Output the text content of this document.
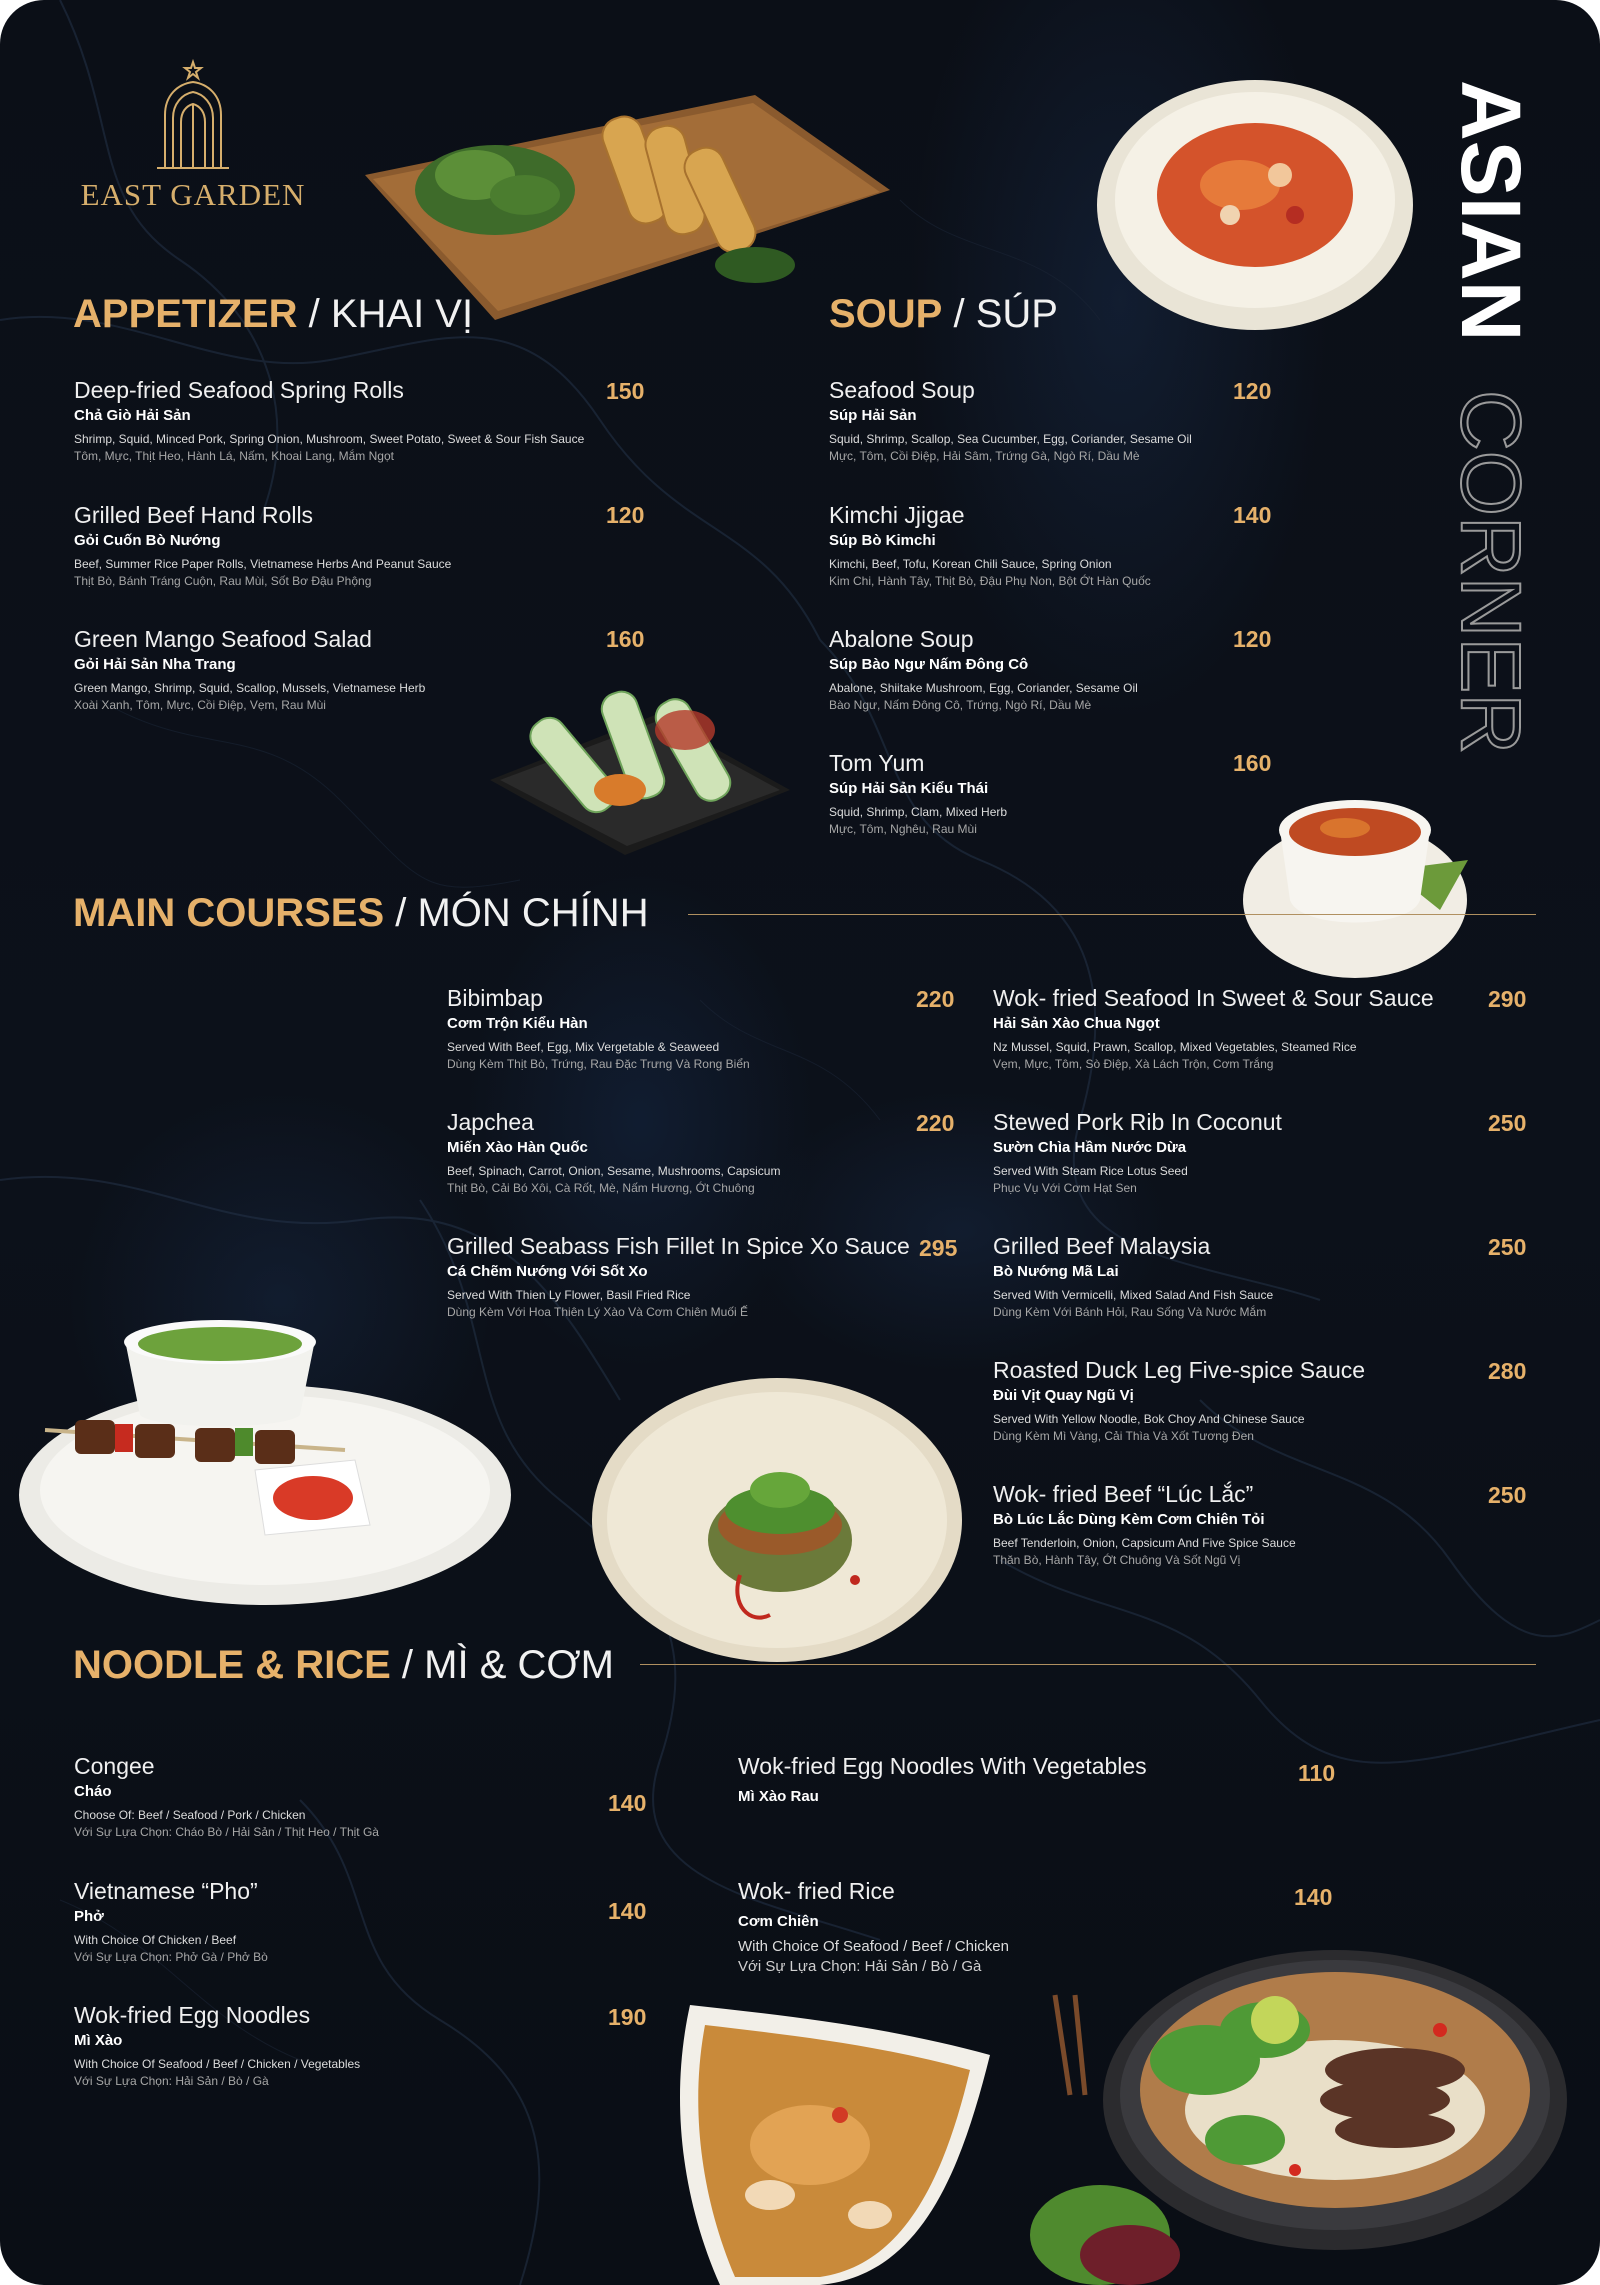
EAST GARDEN	ASIAN
CORNER
APPETIZER / KHAI VỊ
Deep-fried Seafood Spring Rolls
Chả Giò Hải Sản
Shrimp, Squid, Minced Pork, Spring Onion, Mushroom, Sweet Potato, Sweet & Sour Fish Sauce
Tôm, Mực, Thịt Heo, Hành Lá, Nấm, Khoai Lang, Mắm Ngọt
150
Grilled Beef Hand Rolls
Gỏi Cuốn Bò Nướng
Beef, Summer Rice Paper Rolls, Vietnamese Herbs And Peanut Sauce
Thịt Bò, Bánh Tráng Cuộn, Rau Mùi, Sốt Bơ Đậu Phộng
120
Green Mango Seafood Salad
Gỏi Hải Sản Nha Trang
Green Mango, Shrimp, Squid, Scallop, Mussels, Vietnamese Herb
Xoài Xanh, Tôm, Mực, Cồi Điệp, Vẹm, Rau Mùi
160
SOUP / SÚP
Seafood Soup
Súp Hải Sản
Squid, Shrimp, Scallop, Sea Cucumber, Egg, Coriander, Sesame Oil
Mực, Tôm, Cồi Điệp, Hải Sâm, Trứng Gà, Ngò Rí, Dầu Mè
120
Kimchi Jjigae
Súp Bò Kimchi
Kimchi, Beef, Tofu, Korean Chili Sauce, Spring Onion
Kim Chi, Hành Tây, Thịt Bò, Đậu Phụ Non, Bột Ớt Hàn Quốc
140
Abalone Soup
Súp Bào Ngư Nấm Đông Cô
Abalone, Shiitake Mushroom, Egg, Coriander, Sesame Oil
Bào Ngư, Nấm Đông Cô, Trứng, Ngò Rí, Dầu Mè
120
Tom Yum
Súp Hải Sản Kiểu Thái
Squid, Shrimp, Clam, Mixed Herb
Mực, Tôm, Nghêu, Rau Mùi
160
MAIN COURSES / MÓN CHÍNH
Bibimbap
Cơm Trộn Kiểu Hàn
Served With Beef, Egg, Mix Vergetable & Seaweed
Dùng Kèm Thịt Bò, Trứng, Rau Đặc Trưng Và Rong Biển
220
Japchea
Miến Xào Hàn Quốc
Beef, Spinach, Carrot, Onion, Sesame, Mushrooms, Capsicum
Thịt Bò, Cải Bó Xôi, Cà Rốt, Mè, Nấm Hương, Ớt Chuông
220
Grilled Seabass Fish Fillet In Spice Xo Sauce
Cá Chẽm Nướng Với Sốt Xo
Served With Thien Ly Flower, Basil Fried Rice
Dùng Kèm Với Hoa Thiên Lý Xào Và Cơm Chiên Muối Ế
295
Wok- fried Seafood In Sweet & Sour Sauce
Hải Sản Xào Chua Ngọt
Nz Mussel, Squid, Prawn, Scallop, Mixed Vegetables, Steamed Rice
Vẹm, Mực, Tôm, Sò Điệp, Xà Lách Trộn, Cơm Trắng
290
Stewed Pork Rib In Coconut
Sườn Chìa Hầm Nước Dừa
Served With Steam Rice Lotus Seed
Phục Vụ Với Cơm Hạt Sen
250
Grilled Beef Malaysia
Bò Nướng Mã Lai
Served With Vermicelli, Mixed Salad And Fish Sauce
Dùng Kèm Với Bánh Hỏi, Rau Sống Và Nước Mắm
250
Roasted Duck Leg Five-spice Sauce
Đùi Vịt Quay Ngũ Vị
Served With Yellow Noodle, Bok Choy And Chinese Sauce
Dùng Kèm Mì Vàng, Cải Thìa Và Xốt Tương Đen
280
Wok- fried Beef “Lúc Lắc”
Bò Lúc Lắc Dùng Kèm Cơm Chiên Tỏi
Beef Tenderloin, Onion, Capsicum And Five Spice Sauce
Thăn Bò, Hành Tây, Ớt Chuông Và Sốt Ngũ Vị
250
NOODLE & RICE / MÌ & CƠM
Congee
Cháo
Choose Of: Beef / Seafood / Pork / Chicken
Với Sự Lựa Chọn: Cháo Bò / Hải Sản / Thịt Heo / Thịt Gà
140
Vietnamese “Pho”
Phở
With Choice Of Chicken / Beef
Với Sự Lựa Chọn: Phở Gà / Phở Bò
140
Wok-fried Egg Noodles
Mì Xào
With Choice Of Seafood / Beef / Chicken / Vegetables
Với Sự Lựa Chọn: Hải Sản / Bò / Gà
190
Wok-fried Egg Noodles With Vegetables
Mì Xào Rau
110
Wok- fried Rice
Cơm Chiên
With Choice Of Seafood / Beef / Chicken
Với Sự Lựa Chọn: Hải Sản / Bò / Gà
140
